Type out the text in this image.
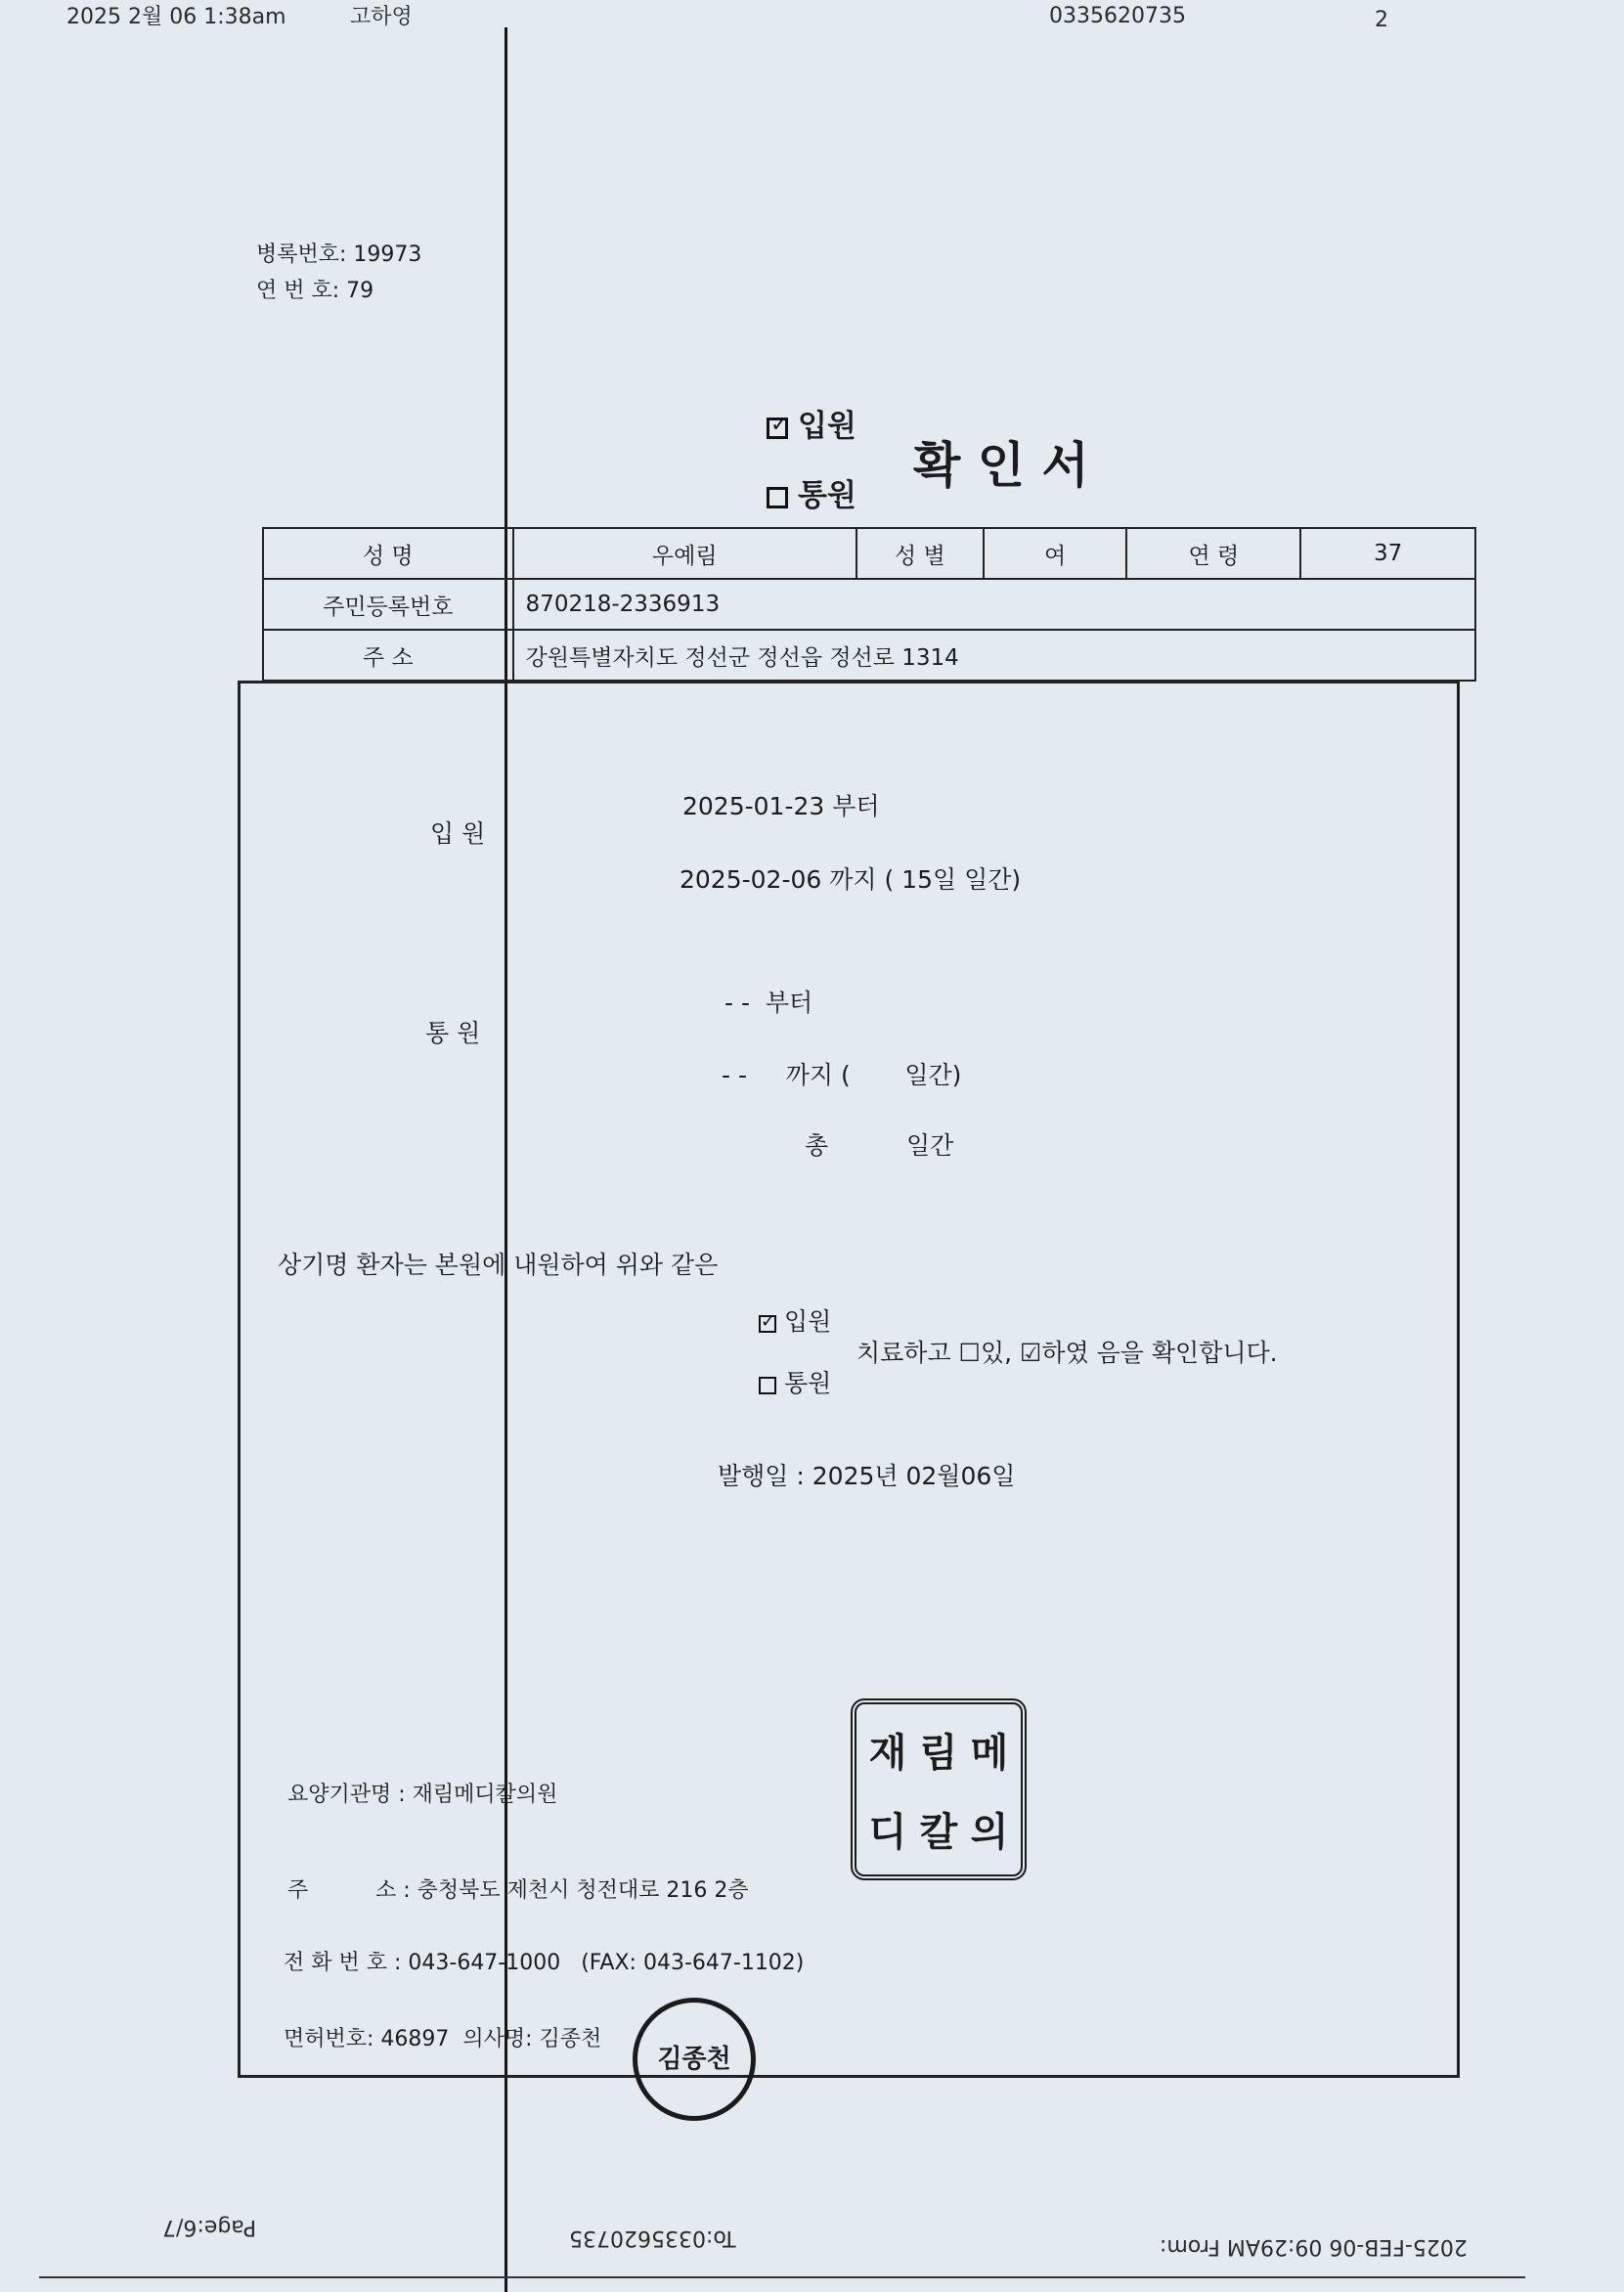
2025 2월 06 1:38am	고하영	0335620735	2
병록번호: 19973
연 번 호: 79
✓입원
통원
확 인 서
성 명	우예림	성 별	여	연 령	37
주민등록번호	870218-2336913				
주 소	강원특별자치도 정선군 정선읍 정선로 1314				
입 원
2025-01-23 부터
2025-02-06 까지 ( 15일 일간)
통 원
- -  부터
- -     까지 (       일간)
총	일간
상기명 환자는 본원에 내원하여 위와 같은
✓입원
통원
치료하고 ☐있, ☑하였 음을 확인합니다.
발행일 : 2025년 02월06일
재 림 메
디 칼 의
요양기관명 : 재림메디칼의원
주	소 : 충청북도 제천시 청전대로 216 2층
전 화 번 호 : 043-647-1000   (FAX: 043-647-1102)
면허번호: 46897  의사명: 김종천
김종천
Page:6/7	To:0335620735	2025-FEB-06 09:29AM From:
